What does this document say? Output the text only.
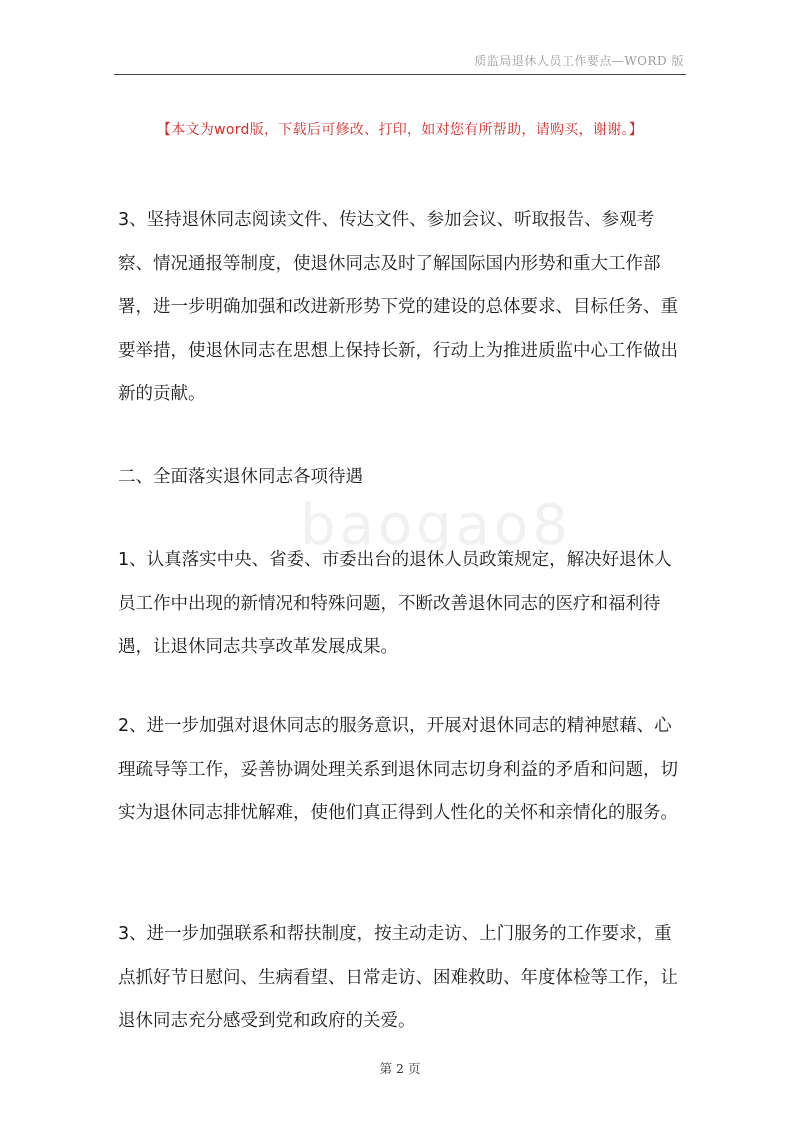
质监局退休人员工作要点—WORD 版
【本文为word版，下载后可修改、打印，如对您有所帮助，请购买，谢谢。】

3、坚持退休同志阅读文件、传达文件、参加会议、听取报告、参观考察、情况通报等制度，使退休同志及时了解国际国内形势和重大工作部署，进一步明确加强和改进新形势下党的建设的总体要求、目标任务、重要举措，使退休同志在思想上保持长新，行动上为推进质监中心工作做出新的贡献。

二、全面落实退休同志各项待遇

baogao8

1、认真落实中央、省委、市委出台的退休人员政策规定，解决好退休人员工作中出现的新情况和特殊问题，不断改善退休同志的医疗和福利待遇，让退休同志共享改革发展成果。

2、进一步加强对退休同志的服务意识，开展对退休同志的精神慰藉、心理疏导等工作，妥善协调处理关系到退休同志切身利益的矛盾和问题，切实为退休同志排忧解难，使他们真正得到人性化的关怀和亲情化的服务。

3、进一步加强联系和帮扶制度，按主动走访、上门服务的工作要求，重点抓好节日慰问、生病看望、日常走访、困难救助、年度体检等工作，让退休同志充分感受到党和政府的关爱。

第 2 页
